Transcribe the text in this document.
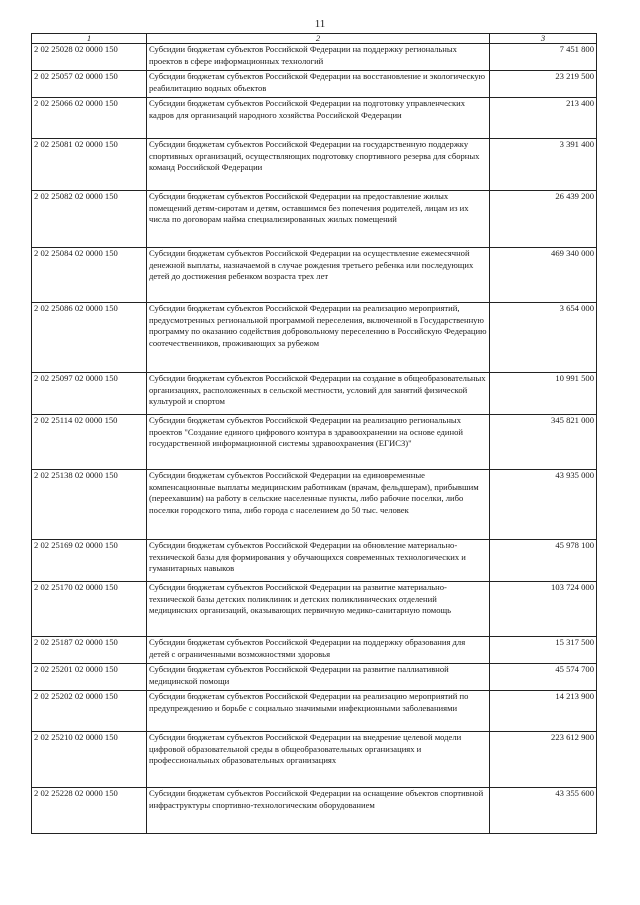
11
1	2	3
2 02 25028 02 0000 150	Субсидии бюджетам субъектов Российской Федерации на поддержку региональных проектов в сфере информационных технологий	7 451 800
2 02 25057 02 0000 150	Субсидии бюджетам субъектов Российской Федерации на восстановление и экологическую реабилитацию водных объектов	23 219 500
2 02 25066 02 0000 150	Субсидии бюджетам субъектов Российской Федерации на подготовку управленческих кадров для организаций народного хозяйства Российской Федерации	213 400
2 02 25081 02 0000 150	Субсидии бюджетам субъектов Российской Федерации на государственную поддержку спортивных организаций, осуществляющих подготовку спортивного резерва для сборных команд Российской Федерации	3 391 400
2 02 25082 02 0000 150	Субсидии бюджетам субъектов Российской Федерации на предоставление жилых помещений детям-сиротам и детям, оставшимся без попечения родителей, лицам из их числа по договорам найма специализированных жилых помещений	26 439 200
2 02 25084 02 0000 150	Субсидии бюджетам субъектов Российской Федерации на осуществление ежемесячной денежной выплаты, назначаемой в случае рождения третьего ребенка или последующих детей до достижения ребенком возраста трех лет	469 340 000
2 02 25086 02 0000 150	Субсидии бюджетам субъектов Российской Федерации на реализацию мероприятий, предусмотренных региональной программой переселения, включенной в Государственную программу по оказанию содействия добровольному переселению в Российскую Федерацию соотечественников, проживающих за рубежом	3 654 000
2 02 25097 02 0000 150	Субсидии бюджетам субъектов Российской Федерации на создание в общеобразовательных организациях, расположенных в сельской местности, условий для занятий физической культурой и спортом	10 991 500
2 02 25114 02 0000 150	Субсидии бюджетам субъектов Российской Федерации на реализацию региональных проектов "Создание единого цифрового контура в здравоохранении на основе единой государственной информационной системы здравоохранения (ЕГИСЗ)"	345 821 000
2 02 25138 02 0000 150	Субсидии бюджетам субъектов Российской Федерации на единовременные компенсационные выплаты медицинским работникам (врачам, фельдшерам), прибывшим (переехавшим) на работу в сельские населенные пункты, либо рабочие поселки, либо поселки городского типа, либо города с населением до 50 тыс. человек	43 935 000
2 02 25169 02 0000 150	Субсидии бюджетам субъектов Российской Федерации на обновление материально-технической базы для формирования у обучающихся современных технологических и гуманитарных навыков	45 978 100
2 02 25170 02 0000 150	Субсидии бюджетам субъектов Российской Федерации на развитие материально-технической базы детских поликлиник и детских поликлинических отделений медицинских организаций, оказывающих первичную медико-санитарную помощь	103 724 000
2 02 25187 02 0000 150	Субсидии бюджетам субъектов Российской Федерации на поддержку образования для детей с ограниченными возможностями здоровья	15 317 500
2 02 25201 02 0000 150	Субсидии бюджетам субъектов Российской Федерации на развитие паллиативной медицинской помощи	45 574 700
2 02 25202 02 0000 150	Субсидии бюджетам субъектов Российской Федерации на реализацию мероприятий по предупреждению и борьбе с социально значимыми инфекционными заболеваниями	14 213 900
2 02 25210 02 0000 150	Субсидии бюджетам субъектов Российской Федерации на внедрение целевой модели цифровой образовательной среды в общеобразовательных организациях и профессиональных образовательных организациях	223 612 900
2 02 25228 02 0000 150	Субсидии бюджетам субъектов Российской Федерации на оснащение объектов спортивной инфраструктуры спортивно-технологическим оборудованием	43 355 600
